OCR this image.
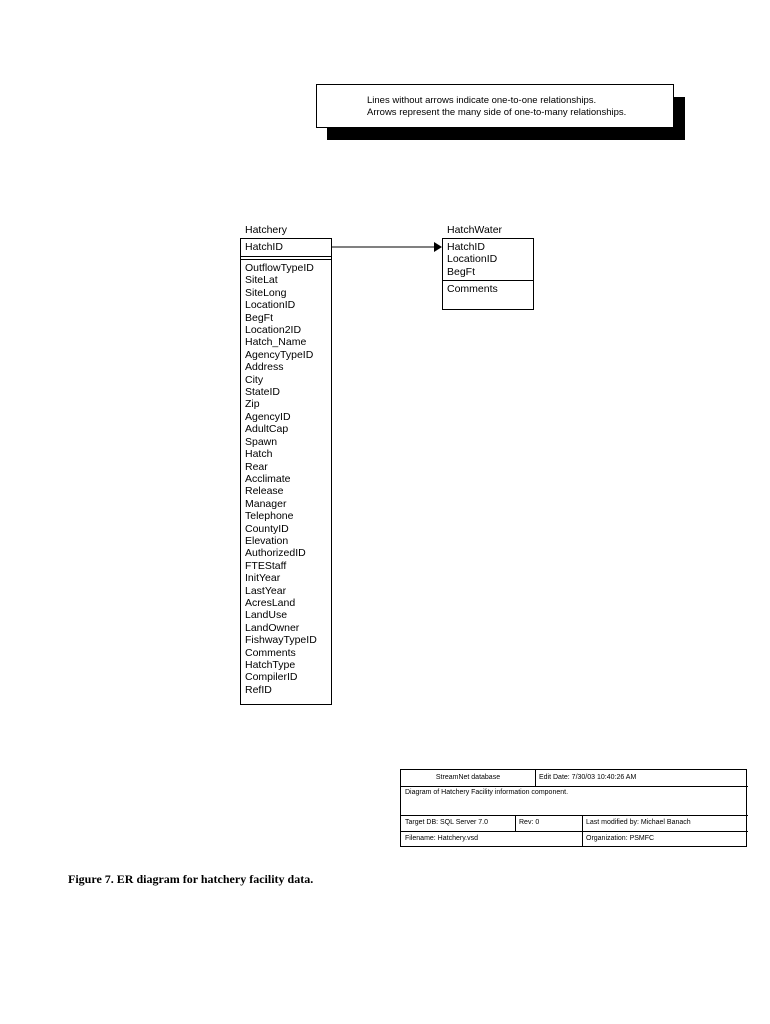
Lines without arrows indicate one-to-one relationships.
Arrows represent the many side of one-to-many relationships.
Hatchery
HatchID
OutflowTypeID
SiteLat
SiteLong
LocationID
BegFt
Location2ID
Hatch_Name
AgencyTypeID
Address
City
StateID
Zip
AgencyID
AdultCap
Spawn
Hatch
Rear
Acclimate
Release
Manager
Telephone
CountyID
Elevation
AuthorizedID
FTEStaff
InitYear
LastYear
AcresLand
LandUse
LandOwner
FishwayTypeID
Comments
HatchType
CompilerID
RefID
HatchWater
HatchID
LocationID
BegFt
Comments
StreamNet database	Edit Date: 7/30/03 10:40:26 AM
Diagram of Hatchery Facility information component.
Target DB: SQL Server 7.0	Rev: 0	Last modified by: Michael Banach
Filename: Hatchery.vsd	Organization: PSMFC
Figure 7. ER diagram for hatchery facility data.
